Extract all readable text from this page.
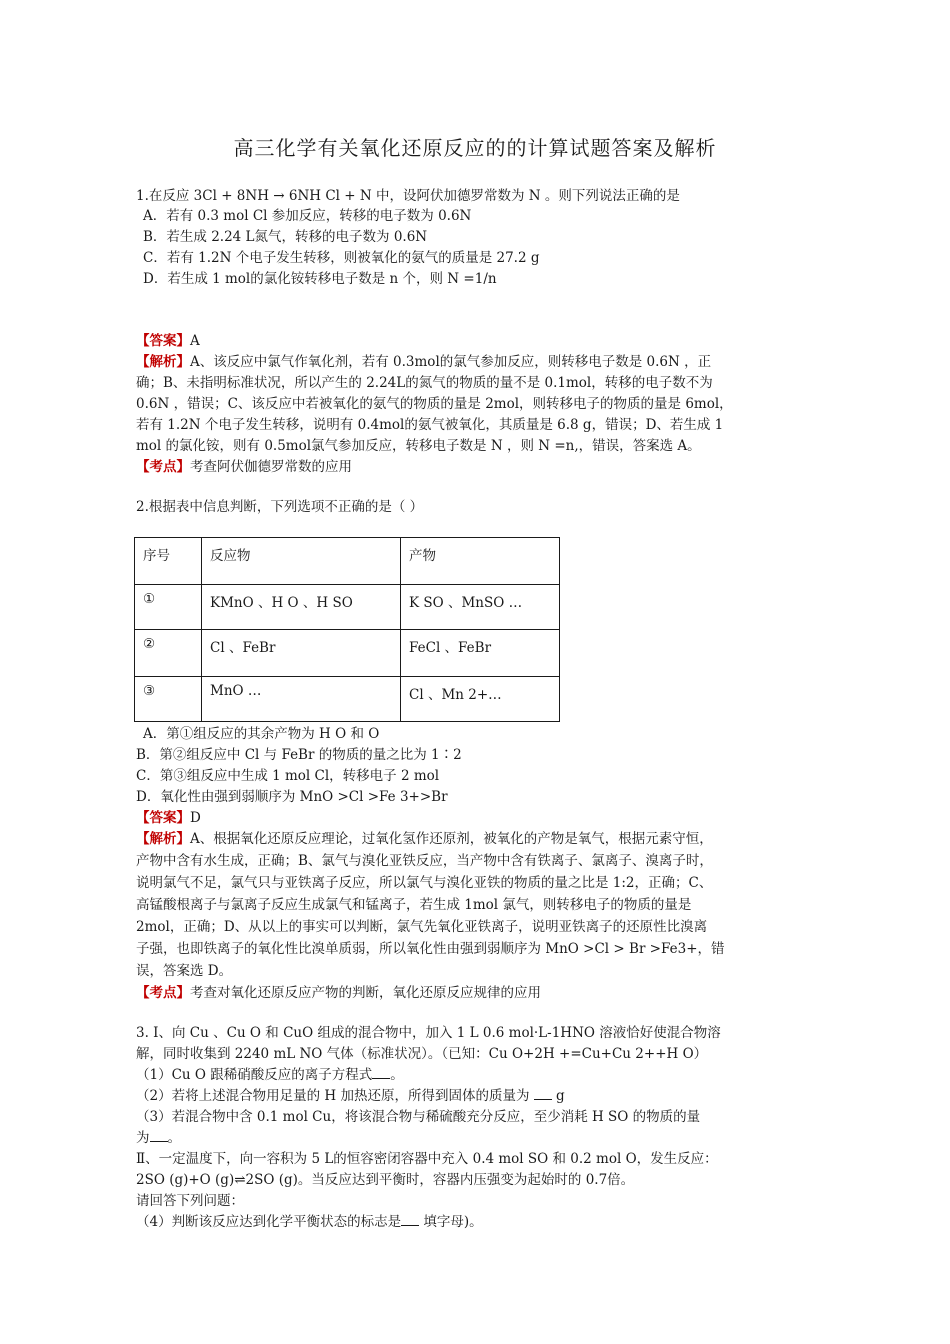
高三化学有关氧化还原反应的的计算试题答案及解析
1.在反应 3Cl + 8NH → 6NH Cl + N 中，设阿伏加德罗常数为 N 。则下列说法正确的是
A．若有 0.3 mol Cl 参加反应，转移的电子数为 0.6N
B．若生成 2.24 L氮气，转移的电子数为 0.6N
C．若有 1.2N 个电子发生转移，则被氧化的氨气的质量是 27.2 g
D．若生成 1 mol的氯化铵转移电子数是 n 个，则 N =1/n
【答案】A
【解析】A、该反应中氯气作氧化剂，若有 0.3mol的氯气参加反应，则转移电子数是 0.6N ，正
确；B、未指明标准状况，所以产生的 2.24L的氮气的物质的量不是 0.1mol，转移的电子数不为
0.6N ，错误；C、该反应中若被氧化的氨气的物质的量是 2mol，则转移电子的物质的量是 6mol，
若有 1.2N 个电子发生转移，说明有 0.4mol的氨气被氧化，其质量是 6.8 g，错误；D、若生成 1
mol 的氯化铵，则有 0.5mol氯气参加反应，转移电子数是 N ，则 N =n,，错误，答案选 A。
【考点】考查阿伏伽德罗常数的应用
2.根据表中信息判断，下列选项不正确的是（ ）
序号	反应物	产物
①	KMnO 、H O 、H SO	K SO 、MnSO …
②	Cl 、FeBr	FeCl 、FeBr
③	MnO …	Cl 、Mn 2+…
A．第①组反应的其余产物为 H O 和 O
B．第②组反应中 Cl 与 FeBr 的物质的量之比为 1∶2
C．第③组反应中生成 1 mol Cl，转移电子 2 mol
D．氧化性由强到弱顺序为 MnO >Cl >Fe 3+>Br
【答案】D
【解析】A、根据氧化还原反应理论，过氧化氢作还原剂，被氧化的产物是氧气，根据元素守恒，
产物中含有水生成，正确；B、氯气与溴化亚铁反应，当产物中含有铁离子、氯离子、溴离子时，
说明氯气不足，氯气只与亚铁离子反应，所以氯气与溴化亚铁的物质的量之比是 1:2，正确；C、
高锰酸根离子与氯离子反应生成氯气和锰离子，若生成 1mol 氯气，则转移电子的物质的量是
2mol，正确；D、从以上的事实可以判断，氯气先氧化亚铁离子，说明亚铁离子的还原性比溴离
子强，也即铁离子的氧化性比溴单质弱，所以氧化性由强到弱顺序为 MnO >Cl > Br >Fe3+，错
误，答案选 D。
【考点】考查对氧化还原反应产物的判断，氧化还原反应规律的应用
3. Ⅰ、向 Cu 、Cu O 和 CuO 组成的混合物中，加入 1 L 0.6 mol·L-1HNO 溶液恰好使混合物溶
解，同时收集到 2240 mL NO 气体（标准状况）。（已知：Cu O+2H +=Cu+Cu 2++H O）
（1）Cu O 跟稀硝酸反应的离子方程式 。
（2）若将上述混合物用足量的 H 加热还原，所得到固体的质量为 g
（3）若混合物中含 0.1 mol Cu，将该混合物与稀硫酸充分反应，至少消耗 H SO 的物质的量
为 。
Ⅱ、一定温度下，向一容积为 5 L的恒容密闭容器中充入 0.4 mol SO 和 0.2 mol O，发生反应：
2SO (g)+O (g)⇌2SO (g)。当反应达到平衡时，容器内压强变为起始时的 0.7倍。
请回答下列问题：
（4）判断该反应达到化学平衡状态的标志是 填字母)。
